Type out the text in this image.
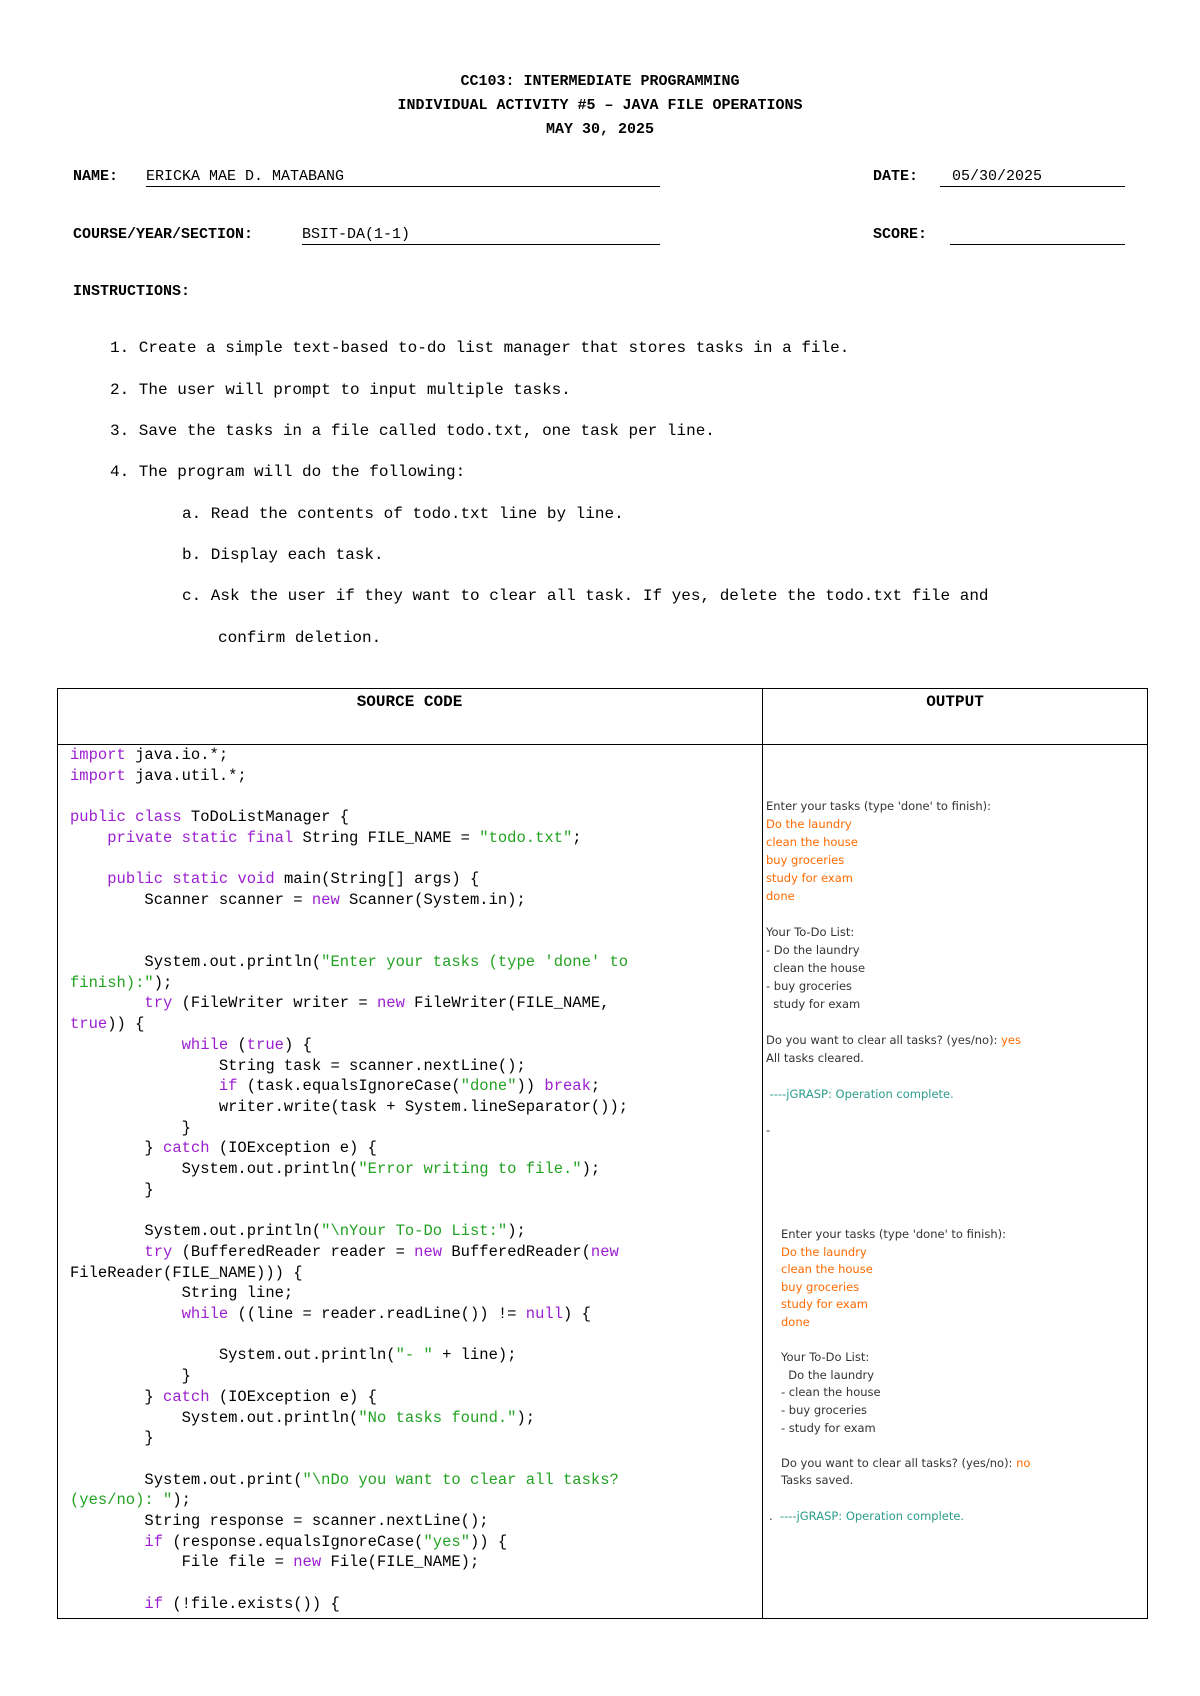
CC103: INTERMEDIATE PROGRAMMING
INDIVIDUAL ACTIVITY #5 – JAVA FILE OPERATIONS
MAY 30, 2025
NAME: ERICKA MAE D. MATABANG	DATE:	05/30/2025
COURSE/YEAR/SECTION:	BSIT-DA(1-1)	SCORE:
INSTRUCTIONS:
1. Create a simple text-based to-do list manager that stores tasks in a file.
2. The user will prompt to input multiple tasks.
3. Save the tasks in a file called todo.txt, one task per line.
4. The program will do the following:
a. Read the contents of todo.txt line by line.
b. Display each task.
c. Ask the user if they want to clear all task. If yes, delete the todo.txt file and
confirm deletion.
SOURCE CODE	OUTPUT
import java.io.*;
import java.util.*;

public class ToDoListManager {
private static final String FILE_NAME = "todo.txt";

public static void main(String[] args) {
Scanner scanner = new Scanner(System.in);

System.out.println("Enter your tasks (type 'done' to
finish):");
try (FileWriter writer = new FileWriter(FILE_NAME,
true)) {
while (true) {
String task = scanner.nextLine();
if (task.equalsIgnoreCase("done")) break;
writer.write(task + System.lineSeparator());
}
} catch (IOException e) {
System.out.println("Error writing to file.");
}

System.out.println("\nYour To-Do List:");
try (BufferedReader reader = new BufferedReader(new
FileReader(FILE_NAME))) {
String line;
while ((line = reader.readLine()) != null) {

System.out.println("- " + line);
}
} catch (IOException e) {
System.out.println("No tasks found.");
}

System.out.print("\nDo you want to clear all tasks?
(yes/no): ");
String response = scanner.nextLine();
if (response.equalsIgnoreCase("yes")) {
File file = new File(FILE_NAME);

if (!file.exists()) {
Enter your tasks (type 'done' to finish):
Do the laundry
clean the house
buy groceries
study for exam
done

Your To-Do List:
- Do the laundry
clean the house
- buy groceries
study for exam

Do you want to clear all tasks? (yes/no): yes
All tasks cleared.

----jGRASP: Operation complete.

-
Enter your tasks (type 'done' to finish):
Do the laundry
clean the house
buy groceries
study for exam
done

Your To-Do List:
Do the laundry
- clean the house
- buy groceries
- study for exam

Do you want to clear all tasks? (yes/no): no
Tasks saved.

. ----jGRASP: Operation complete.
